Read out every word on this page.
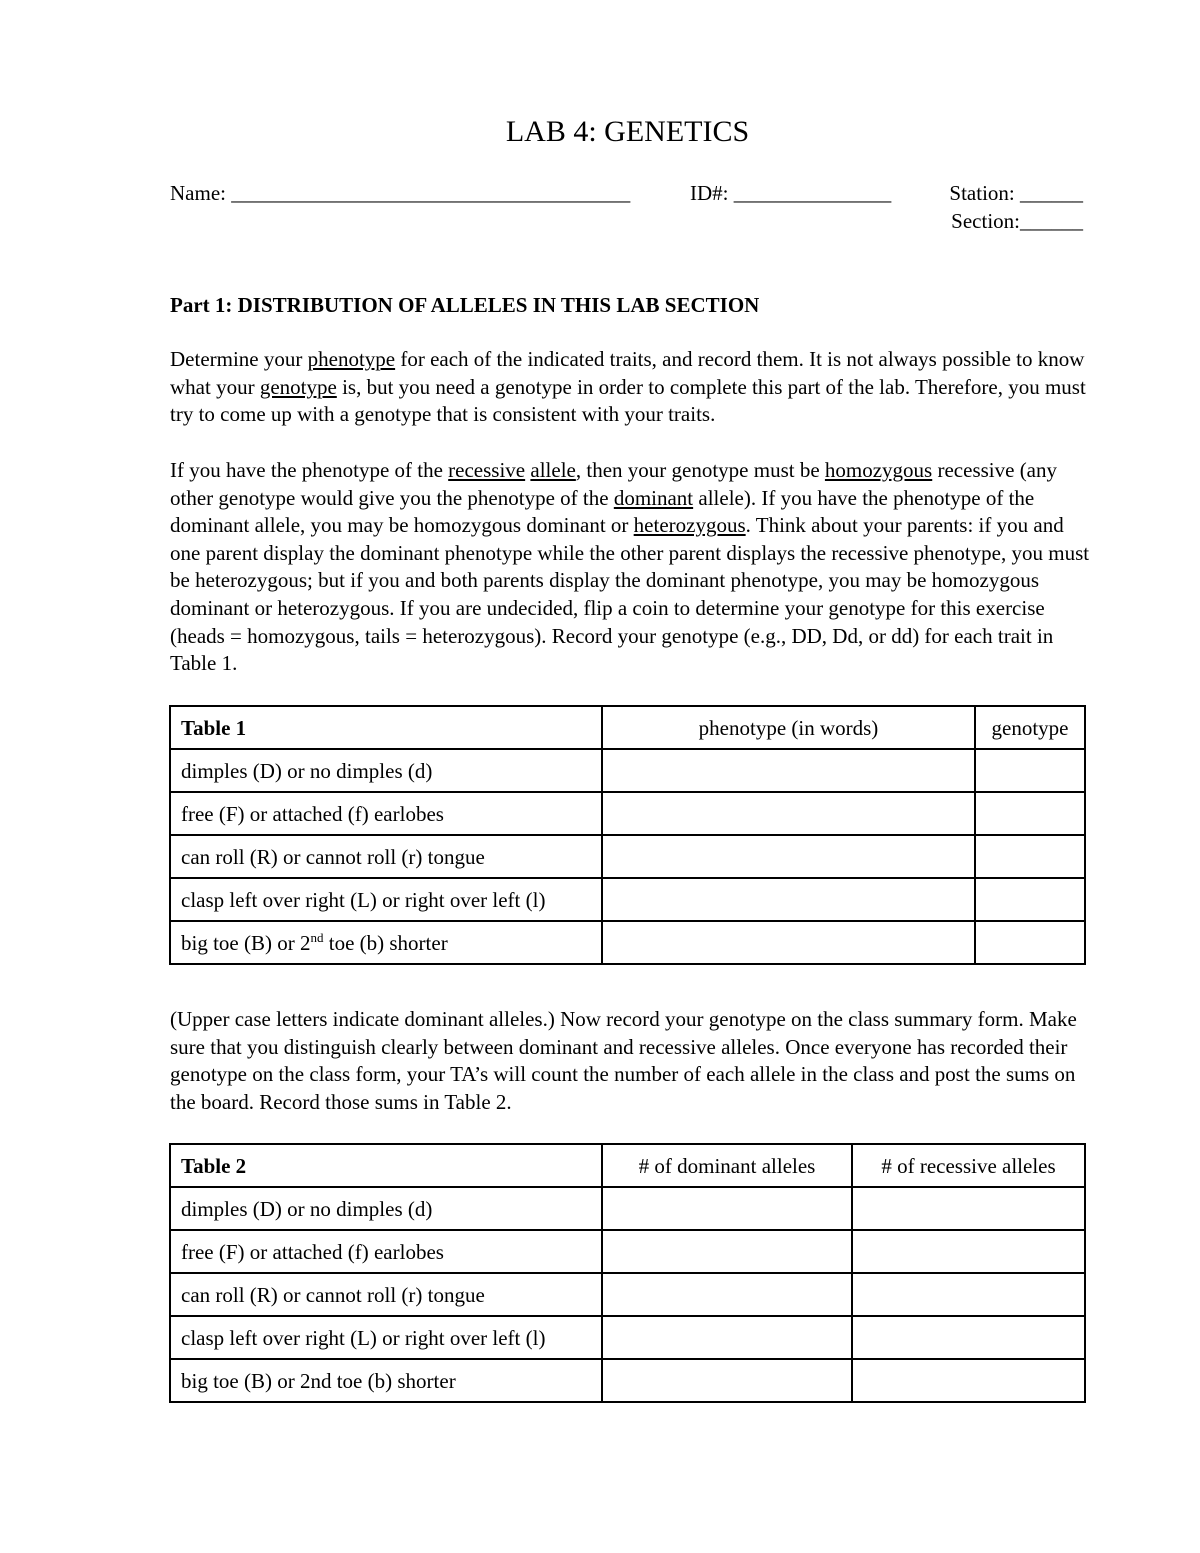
LAB 4: GENETICS
Name: ______________________________________	ID#: _______________	Station: ______
Section:______
Part 1: DISTRIBUTION OF ALLELES IN THIS LAB SECTION

Determine your phenotype for each of the indicated traits, and record them. It is not always possible to know what your genotype is, but you need a genotype in order to complete this part of the lab. Therefore, you must try to come up with a genotype that is consistent with your traits.

If you have the phenotype of the recessive allele, then your genotype must be homozygous recessive (any other genotype would give you the phenotype of the dominant allele). If you have the phenotype of the dominant allele, you may be homozygous dominant or heterozygous. Think about your parents: if you and one parent display the dominant phenotype while the other parent displays the recessive phenotype, you must be heterozygous; but if you and both parents display the dominant phenotype, you may be homozygous dominant or heterozygous. If you are undecided, flip a coin to determine your genotype for this exercise (heads = homozygous, tails = heterozygous). Record your genotype (e.g., DD, Dd, or dd) for each trait in Table 1.

Table 1	phenotype (in words)	genotype
dimples (D) or no dimples (d)		
free (F) or attached (f) earlobes		
can roll (R) or cannot roll (r) tongue		
clasp left over right (L) or right over left (l)		
big toe (B) or 2nd toe (b) shorter		

(Upper case letters indicate dominant alleles.) Now record your genotype on the class summary form. Make sure that you distinguish clearly between dominant and recessive alleles. Once everyone has recorded their genotype on the class form, your TA’s will count the number of each allele in the class and post the sums on the board. Record those sums in Table 2.

Table 2	# of dominant alleles	# of recessive alleles
dimples (D) or no dimples (d)		
free (F) or attached (f) earlobes		
can roll (R) or cannot roll (r) tongue		
clasp left over right (L) or right over left (l)		
big toe (B) or 2nd toe (b) shorter		
